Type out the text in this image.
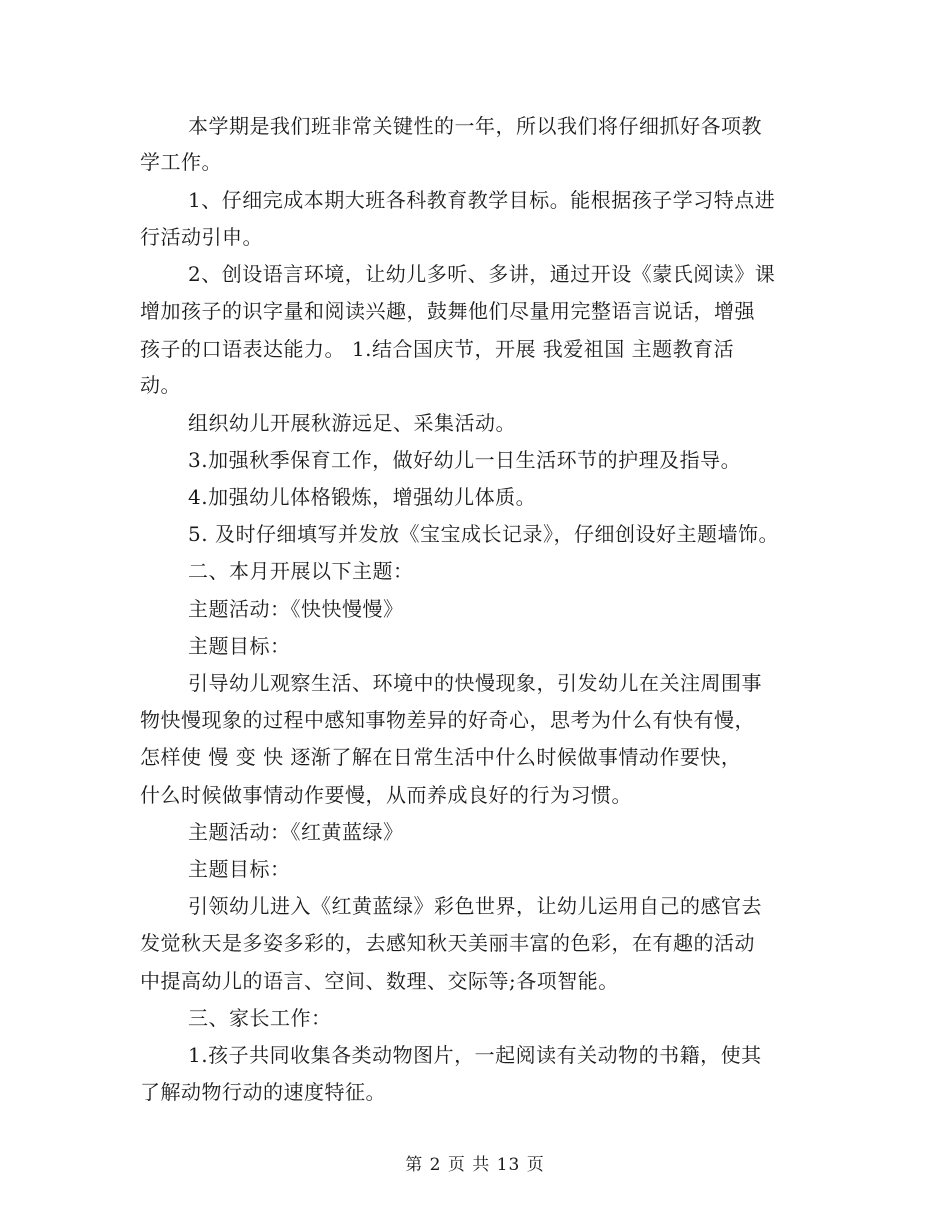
本学期是我们班非常关键性的一年，所以我们将仔细抓好各项教
学工作。
1、仔细完成本期大班各科教育教学目标。能根据孩子学习特点进
行活动引申。
2、创设语言环境，让幼儿多听、多讲，通过开设《蒙氏阅读》课
增加孩子的识字量和阅读兴趣，鼓舞他们尽量用完整语言说话，增强
孩子的口语表达能力。 1.结合国庆节，开展 我爱祖国 主题教育活
动。
组织幼儿开展秋游远足、采集活动。
3.加强秋季保育工作，做好幼儿一日生活环节的护理及指导。
4.加强幼儿体格锻炼，增强幼儿体质。
5. 及时仔细填写并发放《宝宝成长记录》，仔细创设好主题墙饰。
二、本月开展以下主题：
主题活动：《快快慢慢》
主题目标：
引导幼儿观察生活、环境中的快慢现象，引发幼儿在关注周围事
物快慢现象的过程中感知事物差异的好奇心，思考为什么有快有慢，
怎样使 慢 变 快 逐渐了解在日常生活中什么时候做事情动作要快，
什么时候做事情动作要慢，从而养成良好的行为习惯。
主题活动：《红黄蓝绿》
主题目标：
引领幼儿进入《红黄蓝绿》彩色世界，让幼儿运用自己的感官去
发觉秋天是多姿多彩的，去感知秋天美丽丰富的色彩，在有趣的活动
中提高幼儿的语言、空间、数理、交际等;各项智能。
三、家长工作：
1.孩子共同收集各类动物图片，一起阅读有关动物的书籍，使其
了解动物行动的速度特征。
第 2 页 共 13 页
